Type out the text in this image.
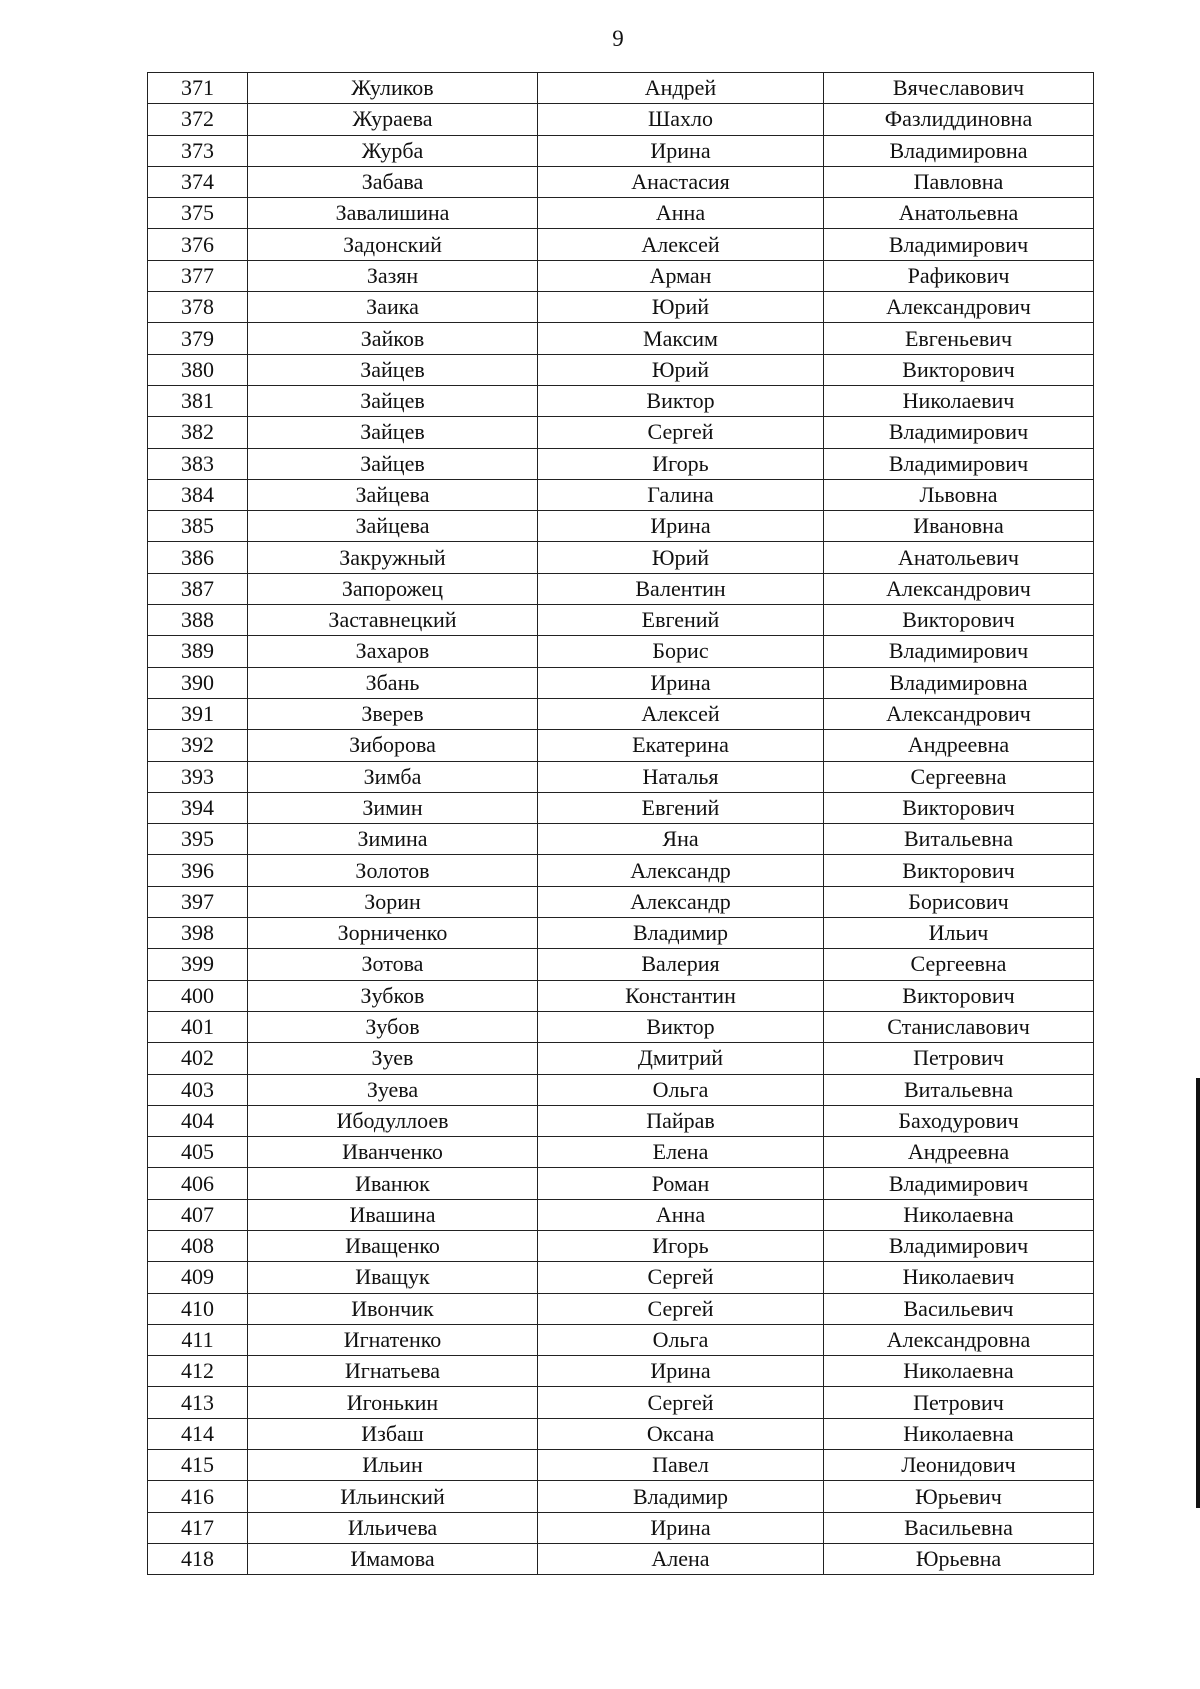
9
371	Жуликов	Андрей	Вячеславович
372	Жураева	Шахло	Фазлиддиновна
373	Журба	Ирина	Владимировна
374	Забава	Анастасия	Павловна
375	Завалишина	Анна	Анатольевна
376	Задонский	Алексей	Владимирович
377	Зазян	Арман	Рафикович
378	Заика	Юрий	Александрович
379	Зайков	Максим	Евгеньевич
380	Зайцев	Юрий	Викторович
381	Зайцев	Виктор	Николаевич
382	Зайцев	Сергей	Владимирович
383	Зайцев	Игорь	Владимирович
384	Зайцева	Галина	Львовна
385	Зайцева	Ирина	Ивановна
386	Закружный	Юрий	Анатольевич
387	Запорожец	Валентин	Александрович
388	Заставнецкий	Евгений	Викторович
389	Захаров	Борис	Владимирович
390	Збань	Ирина	Владимировна
391	Зверев	Алексей	Александрович
392	Зиборова	Екатерина	Андреевна
393	Зимба	Наталья	Сергеевна
394	Зимин	Евгений	Викторович
395	Зимина	Яна	Витальевна
396	Золотов	Александр	Викторович
397	Зорин	Александр	Борисович
398	Зорниченко	Владимир	Ильич
399	Зотова	Валерия	Сергеевна
400	Зубков	Константин	Викторович
401	Зубов	Виктор	Станиславович
402	Зуев	Дмитрий	Петрович
403	Зуева	Ольга	Витальевна
404	Ибодуллоев	Пайрав	Баходурович
405	Иванченко	Елена	Андреевна
406	Иванюк	Роман	Владимирович
407	Ивашина	Анна	Николаевна
408	Иващенко	Игорь	Владимирович
409	Иващук	Сергей	Николаевич
410	Ивончик	Сергей	Васильевич
411	Игнатенко	Ольга	Александровна
412	Игнатьева	Ирина	Николаевна
413	Игонькин	Сергей	Петрович
414	Избаш	Оксана	Николаевна
415	Ильин	Павел	Леонидович
416	Ильинский	Владимир	Юрьевич
417	Ильичева	Ирина	Васильевна
418	Имамова	Алена	Юрьевна
